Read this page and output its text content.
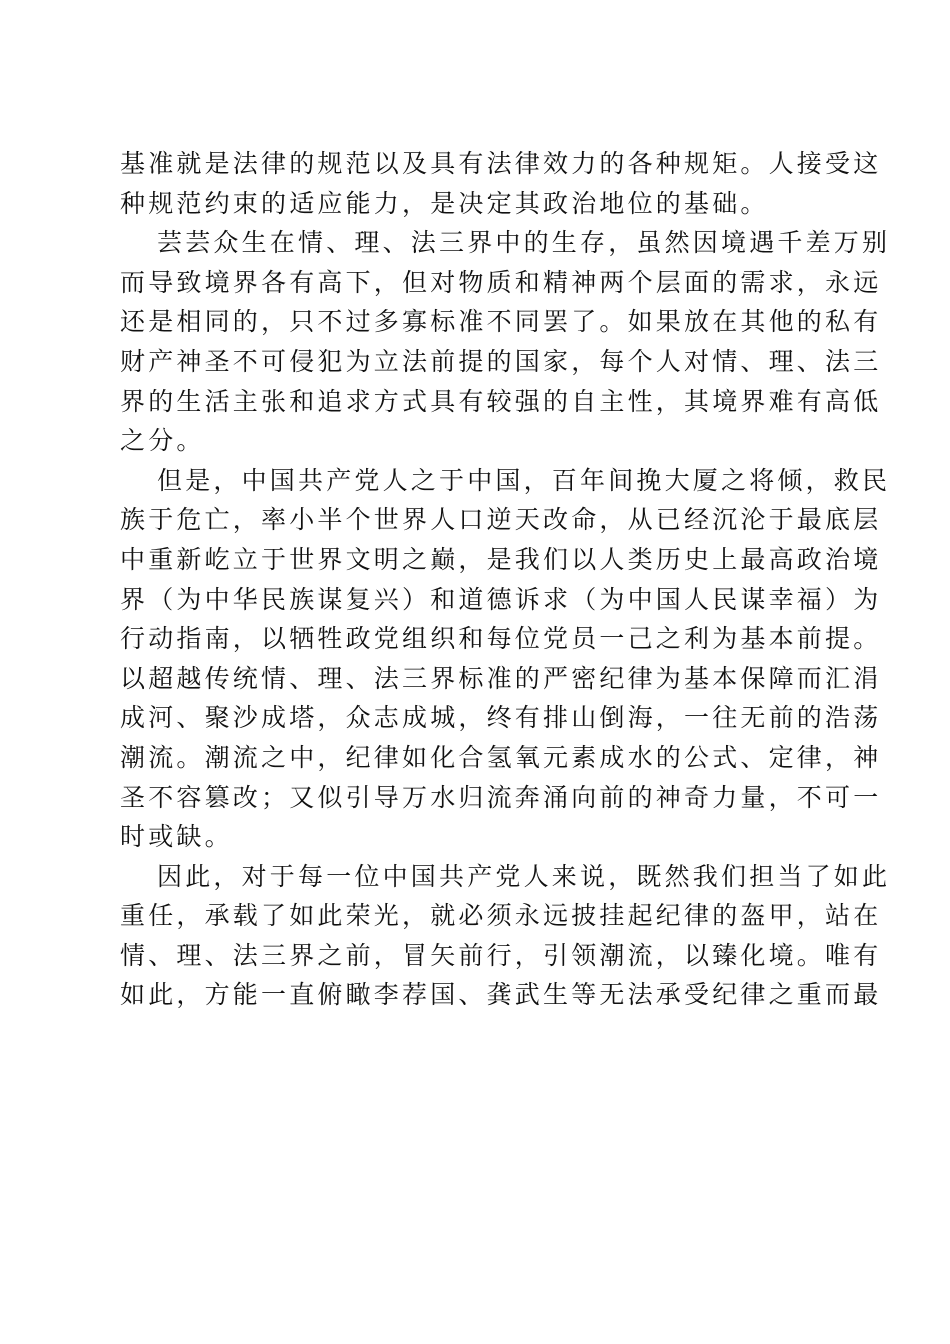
基准就是法律的规范以及具有法律效力的各种规矩。人接受这
种规范约束的适应能力，是决定其政治地位的基础。
芸芸众生在情、理、法三界中的生存，虽然因境遇千差万别
而导致境界各有高下，但对物质和精神两个层面的需求，永远
还是相同的，只不过多寡标准不同罢了。如果放在其他的私有
财产神圣不可侵犯为立法前提的国家，每个人对情、理、法三
界的生活主张和追求方式具有较强的自主性，其境界难有高低
之分。
但是，中国共产党人之于中国，百年间挽大厦之将倾，救民
族于危亡，率小半个世界人口逆天改命，从已经沉沦于最底层
中重新屹立于世界文明之巅，是我们以人类历史上最高政治境
界（为中华民族谋复兴）和道德诉求（为中国人民谋幸福）为
行动指南，以牺牲政党组织和每位党员一己之利为基本前提。
以超越传统情、理、法三界标准的严密纪律为基本保障而汇涓
成河、聚沙成塔，众志成城，终有排山倒海，一往无前的浩荡
潮流。潮流之中，纪律如化合氢氧元素成水的公式、定律，神
圣不容篡改；又似引导万水归流奔涌向前的神奇力量，不可一
时或缺。
因此，对于每一位中国共产党人来说，既然我们担当了如此
重任，承载了如此荣光，就必须永远披挂起纪律的盔甲，站在
情、理、法三界之前，冒矢前行，引领潮流，以臻化境。唯有
如此，方能一直俯瞰李荐国、龚武生等无法承受纪律之重而最
